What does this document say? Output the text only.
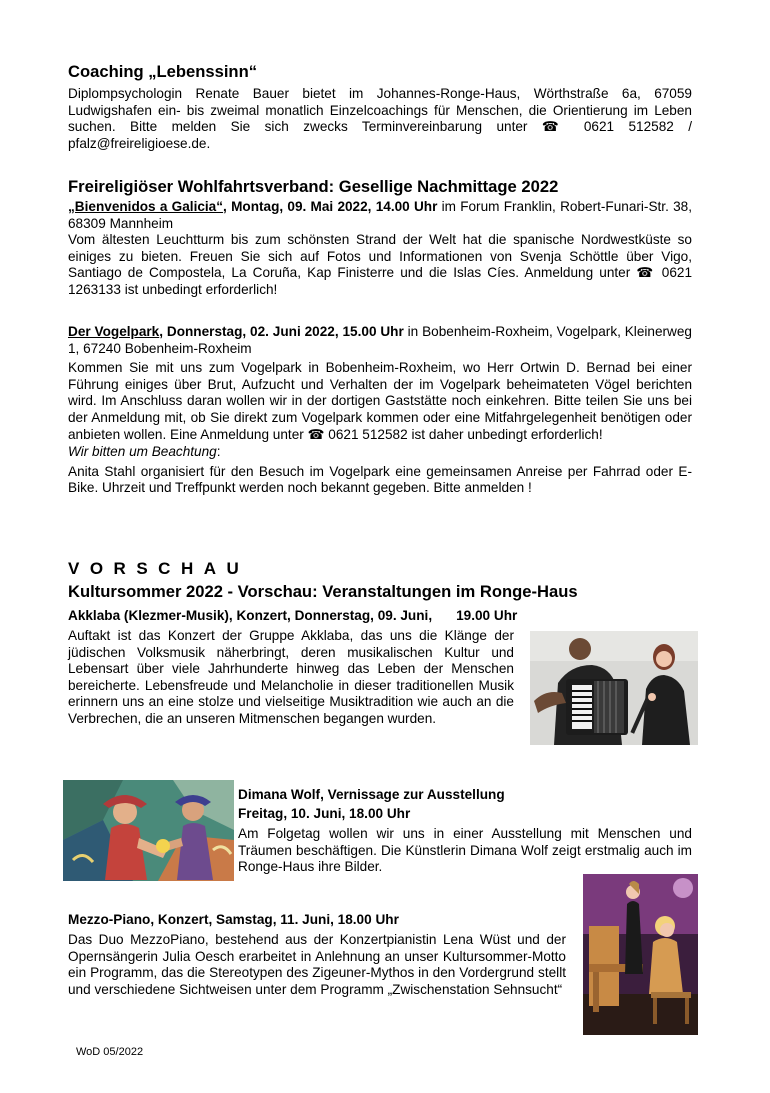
Coaching „Lebenssinn“

Diplompsychologin Renate Bauer bietet im Johannes-Ronge-Haus, Wörthstraße 6a, 67059 Ludwigshafen ein- bis zweimal monatlich Einzelcoachings für Menschen, die Orientierung im Leben suchen. Bitte melden Sie sich zwecks Terminvereinbarung unter ☎ 0621 512582 / pfalz@freireligioese.de.

Freireligiöser Wohlfahrtsverband: Gesellige Nachmittage 2022

„Bienvenidos a Galicia“, Montag, 09. Mai 2022, 14.00 Uhr im Forum Franklin, Robert-Funari-Str. 38, 68309 Mannheim

Vom ältesten Leuchtturm bis zum schönsten Strand der Welt hat die spanische Nordwestküste so einiges zu bieten. Freuen Sie sich auf Fotos und Informationen von Svenja Schöttle über Vigo, Santiago de Compostela, La Coruña, Kap Finisterre und die Islas Cíes. Anmeldung unter ☎ 0621 1263133 ist unbedingt erforderlich!

Der Vogelpark, Donnerstag, 02. Juni 2022, 15.00 Uhr in Bobenheim-Roxheim, Vogelpark, Kleinerweg 1, 67240 Bobenheim-Roxheim

Kommen Sie mit uns zum Vogelpark in Bobenheim-Roxheim, wo Herr Ortwin D. Bernad bei einer Führung einiges über Brut, Aufzucht und Verhalten der im Vogelpark beheimateten Vögel berichten wird. Im Anschluss daran wollen wir in der dortigen Gaststätte noch einkehren. Bitte teilen Sie uns bei der Anmeldung mit, ob Sie direkt zum Vogelpark kommen oder eine Mitfahrgelegenheit benötigen oder anbieten wollen. Eine Anmeldung unter ☎ 0621 512582 ist daher unbedingt erforderlich!

Wir bitten um Beachtung:

Anita Stahl organisiert für den Besuch im Vogelpark eine gemeinsamen Anreise per Fahrrad oder E-Bike. Uhrzeit und Treffpunkt werden noch bekannt gegeben. Bitte anmelden !

VORSCHAU
Kultursommer 2022 - Vorschau: Veranstaltungen im Ronge-Haus

Akklaba (Klezmer-Musik), Konzert, Donnerstag, 09. Juni, 19.00 Uhr

Auftakt ist das Konzert der Gruppe Akklaba, das uns die Klänge der jüdischen Volksmusik näherbringt, deren musikalischen Kultur und Lebensart über viele Jahrhunderte hinweg das Leben der Menschen bereicherte. Lebensfreude und Melancholie in dieser traditionellen Musik erinnern uns an eine stolze und vielseitige Musiktradition wie auch an die Verbrechen, die an unseren Mitmenschen begangen wurden.

Dimana Wolf, Vernissage zur Ausstellung

Freitag, 10. Juni, 18.00 Uhr

Am Folgetag wollen wir uns in einer Ausstellung mit Menschen und Träumen beschäftigen. Die Künstlerin Dimana Wolf zeigt erstmalig auch im Ronge-Haus ihre Bilder.

Mezzo-Piano, Konzert, Samstag, 11. Juni, 18.00 Uhr

Das Duo MezzoPiano, bestehend aus der Konzertpianistin Lena Wüst und der Opernsängerin Julia Oesch erarbeitet in Anlehnung an unser Kultursommer-Motto ein Programm, das die Stereotypen des Zigeuner-Mythos in den Vordergrund stellt und verschiedene Sichtweisen unter dem Programm „Zwischenstation Sehnsucht“

WoD 05/2022
